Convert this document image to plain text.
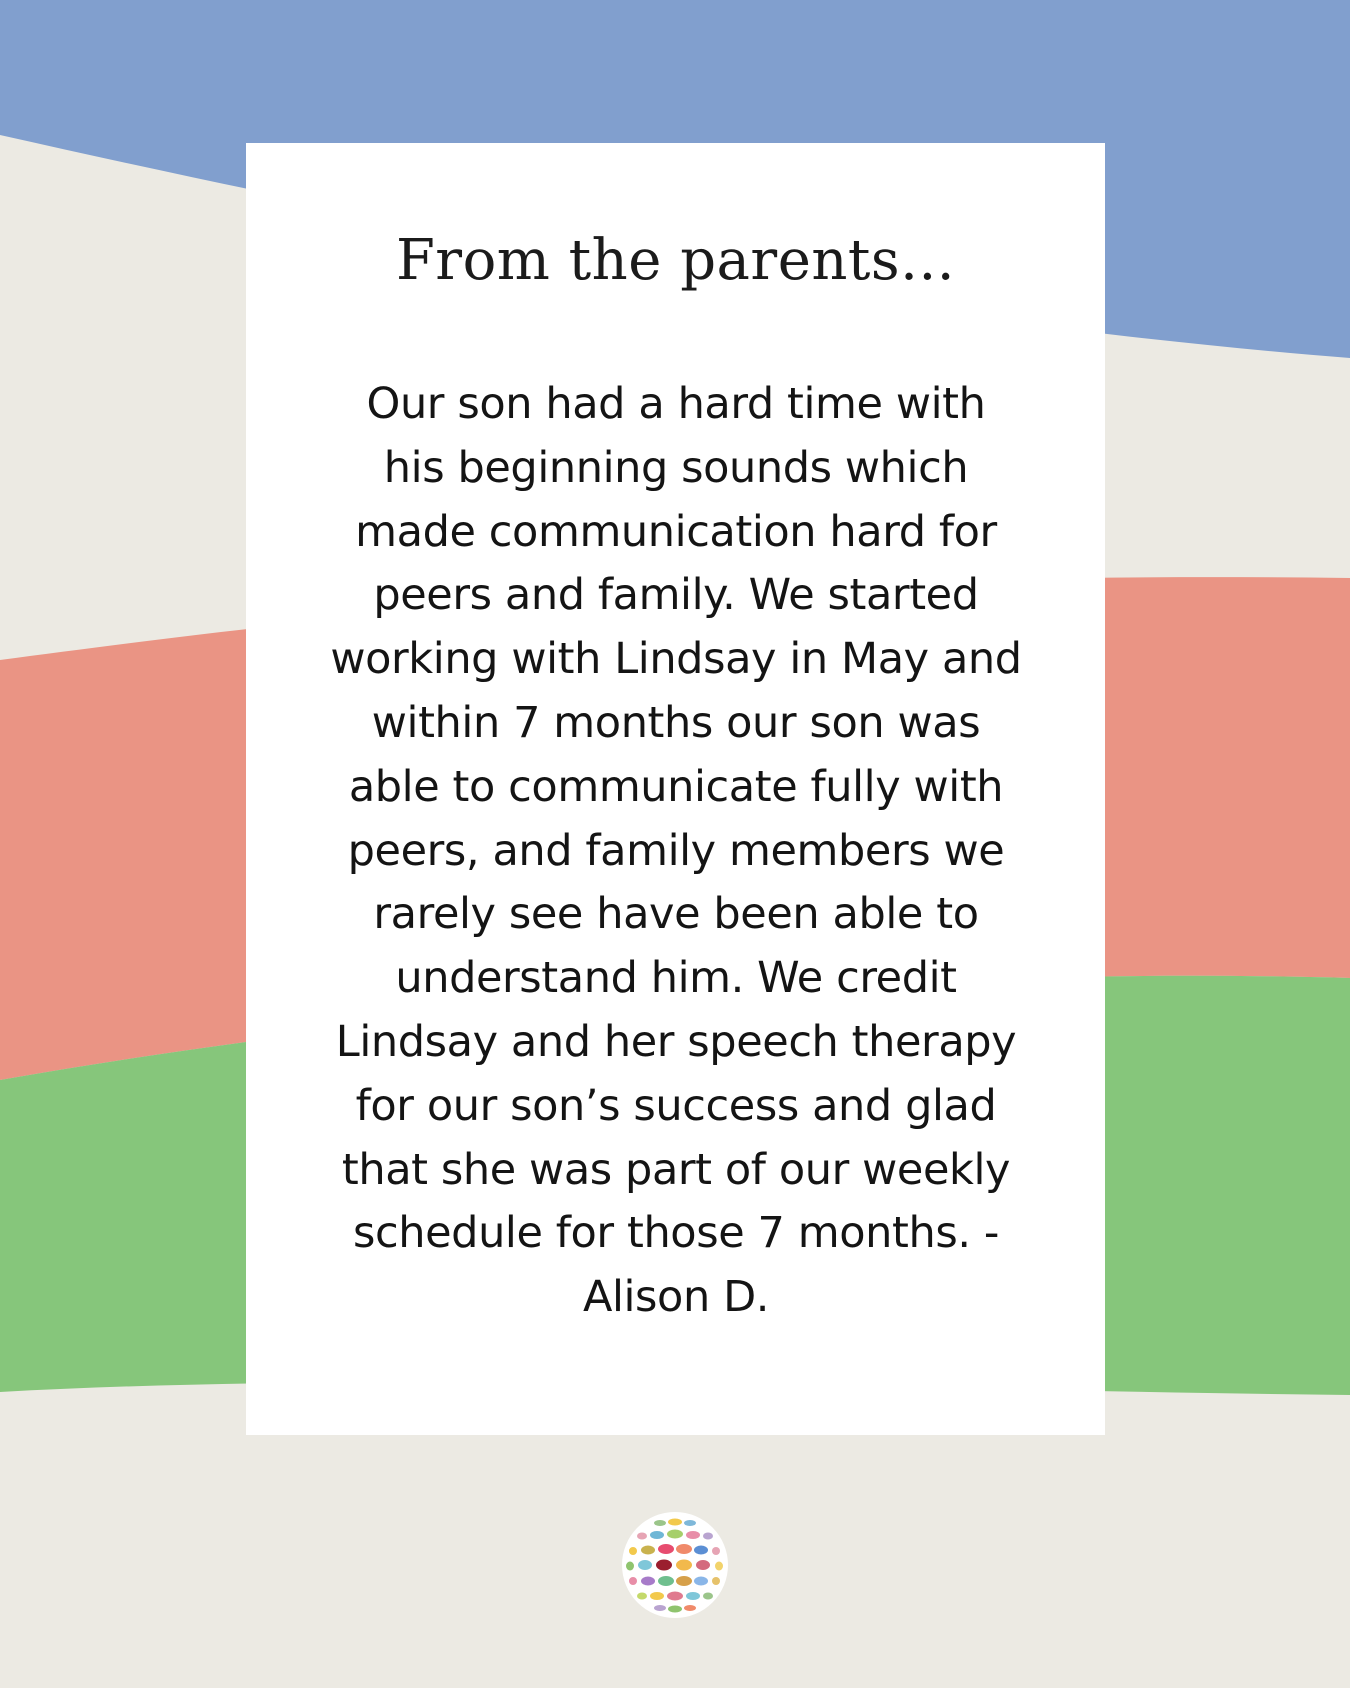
From the parents...

Our son had a hard time with
his beginning sounds which
made communication hard for
peers and family. We started
working with Lindsay in May and
within 7 months our son was
able to communicate fully with
peers, and family members we
rarely see have been able to
understand him. We credit
Lindsay and her speech therapy
for our son’s success and glad
that she was part of our weekly
schedule for those 7 months. -
Alison D.
